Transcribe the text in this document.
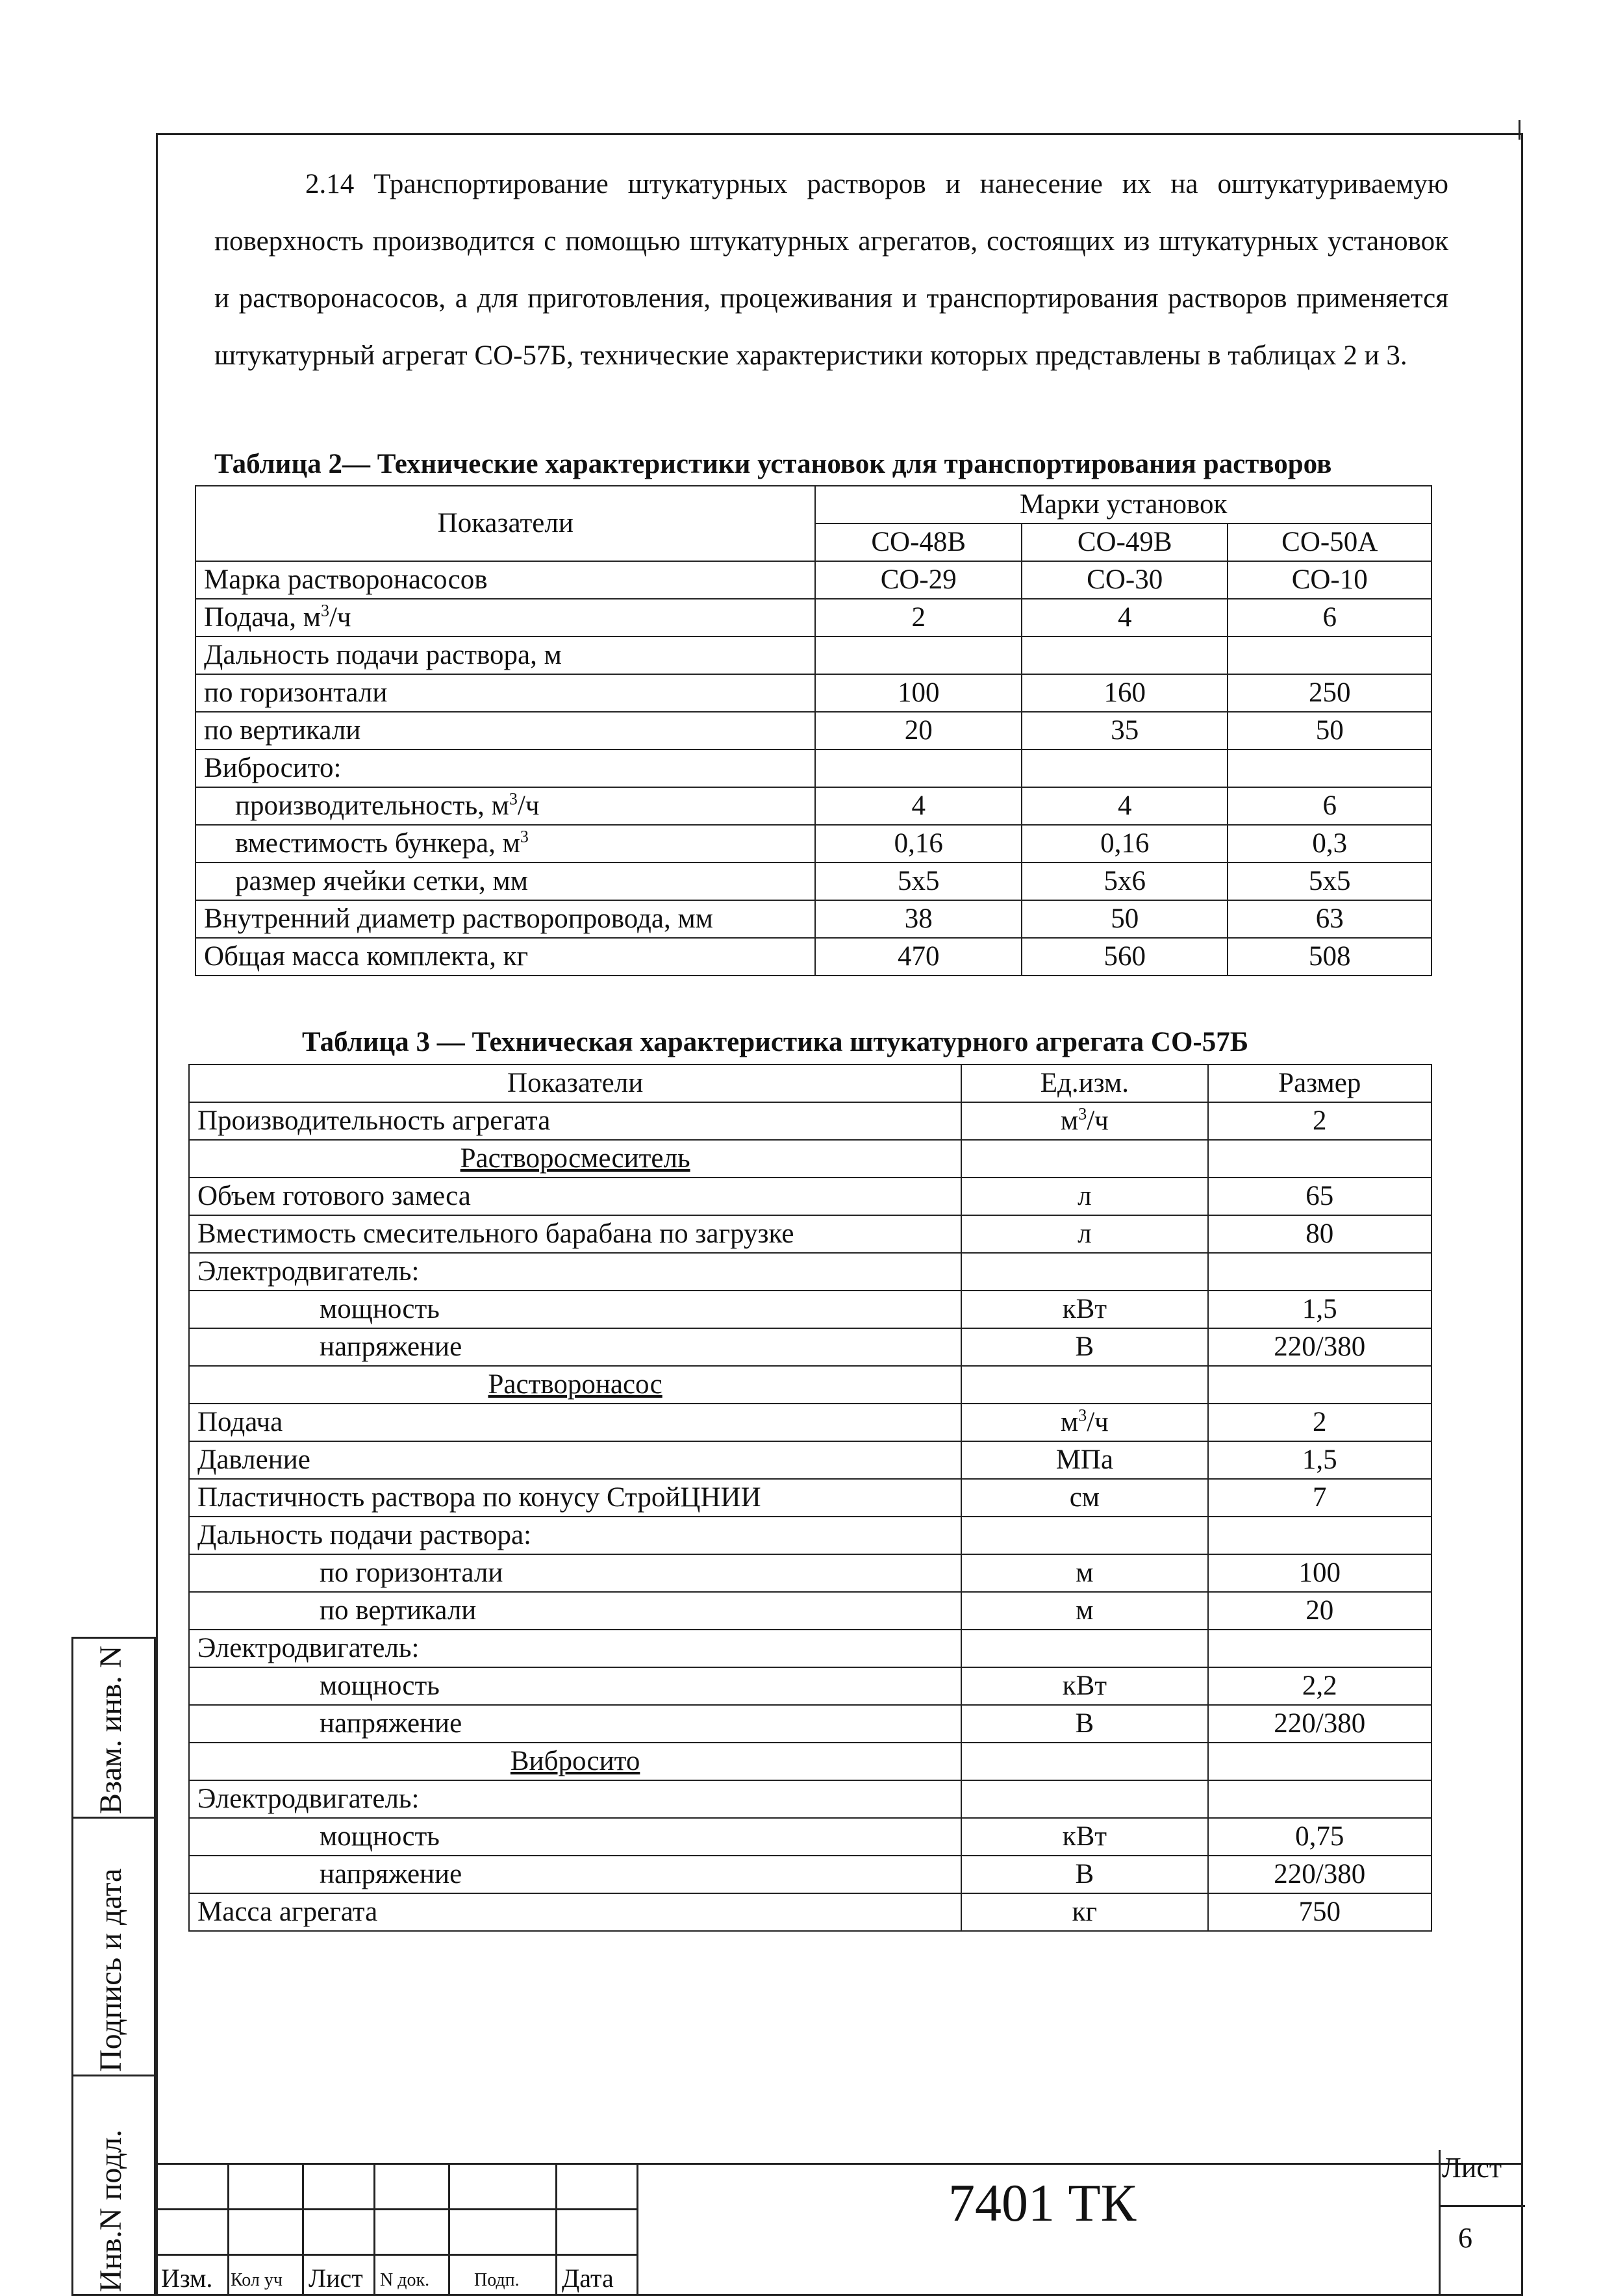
2.14 Транспортирование штукатурных растворов и нанесение их на оштукатуриваемую поверхность производится с помощью штукатурных агрегатов, состоящих из штукатурных установок и растворонасосов, а для приготовления, процеживания и транспортирования растворов применяется штукатурный агрегат СО-57Б, технические характеристики которых представлены в таблицах 2 и 3.

Таблица 2— Технические характеристики установок для транспортирования растворов
Показатели	Марки установок		
	СО-48В	СО-49В	СО-50А
Марка растворонасосов	СО-29	СО-30	СО-10
Подача, $м^3/ч$	2	4	6
Дальность подачи раствора, м			
по горизонтали	100	160	250
по вертикали	20	35	50
Вибросито:			
производительность, $м^3/ч$	4	4	6
вместимость бункера, $м^3$	0,16	0,16	0,3
размер ячейки сетки, мм	5х5	5х6	5х5
Внутренний диаметр растворопровода, мм	38	50	63
Общая масса комплекта, кг	470	560	508
Таблица 3 — Техническая характеристика штукатурного агрегата СО-57Б
Показатели	Ед.изм.	Размер
Производительность агрегата	$м^3/ч$	2
Растворосмеситель		
Объем готового замеса	л	65
Вместимость смесительного барабана по загрузке	л	80
Электродвигатель:		
мощность	кВт	1,5
напряжение	В	220/380
Растворонасос		
Подача	$м^3/ч$	2
Давление	МПа	1,5
Пластичность раствора по конусу СтройЦНИИ	см	7
Дальность подачи раствора:		
по горизонтали	м	100
по вертикали	м	20
Электродвигатель:		
мощность	кВт	2,2
напряжение	В	220/380
Вибросито		
Электродвигатель:		
мощность	кВт	0,75
напряжение	В	220/380
Масса агрегата	кг	750
Взам. инв. N
Подпись и дата
Инв.N подл. Изм. Кол уч Лист N док. Подп. Дата
7401 ТК
Лист
6
